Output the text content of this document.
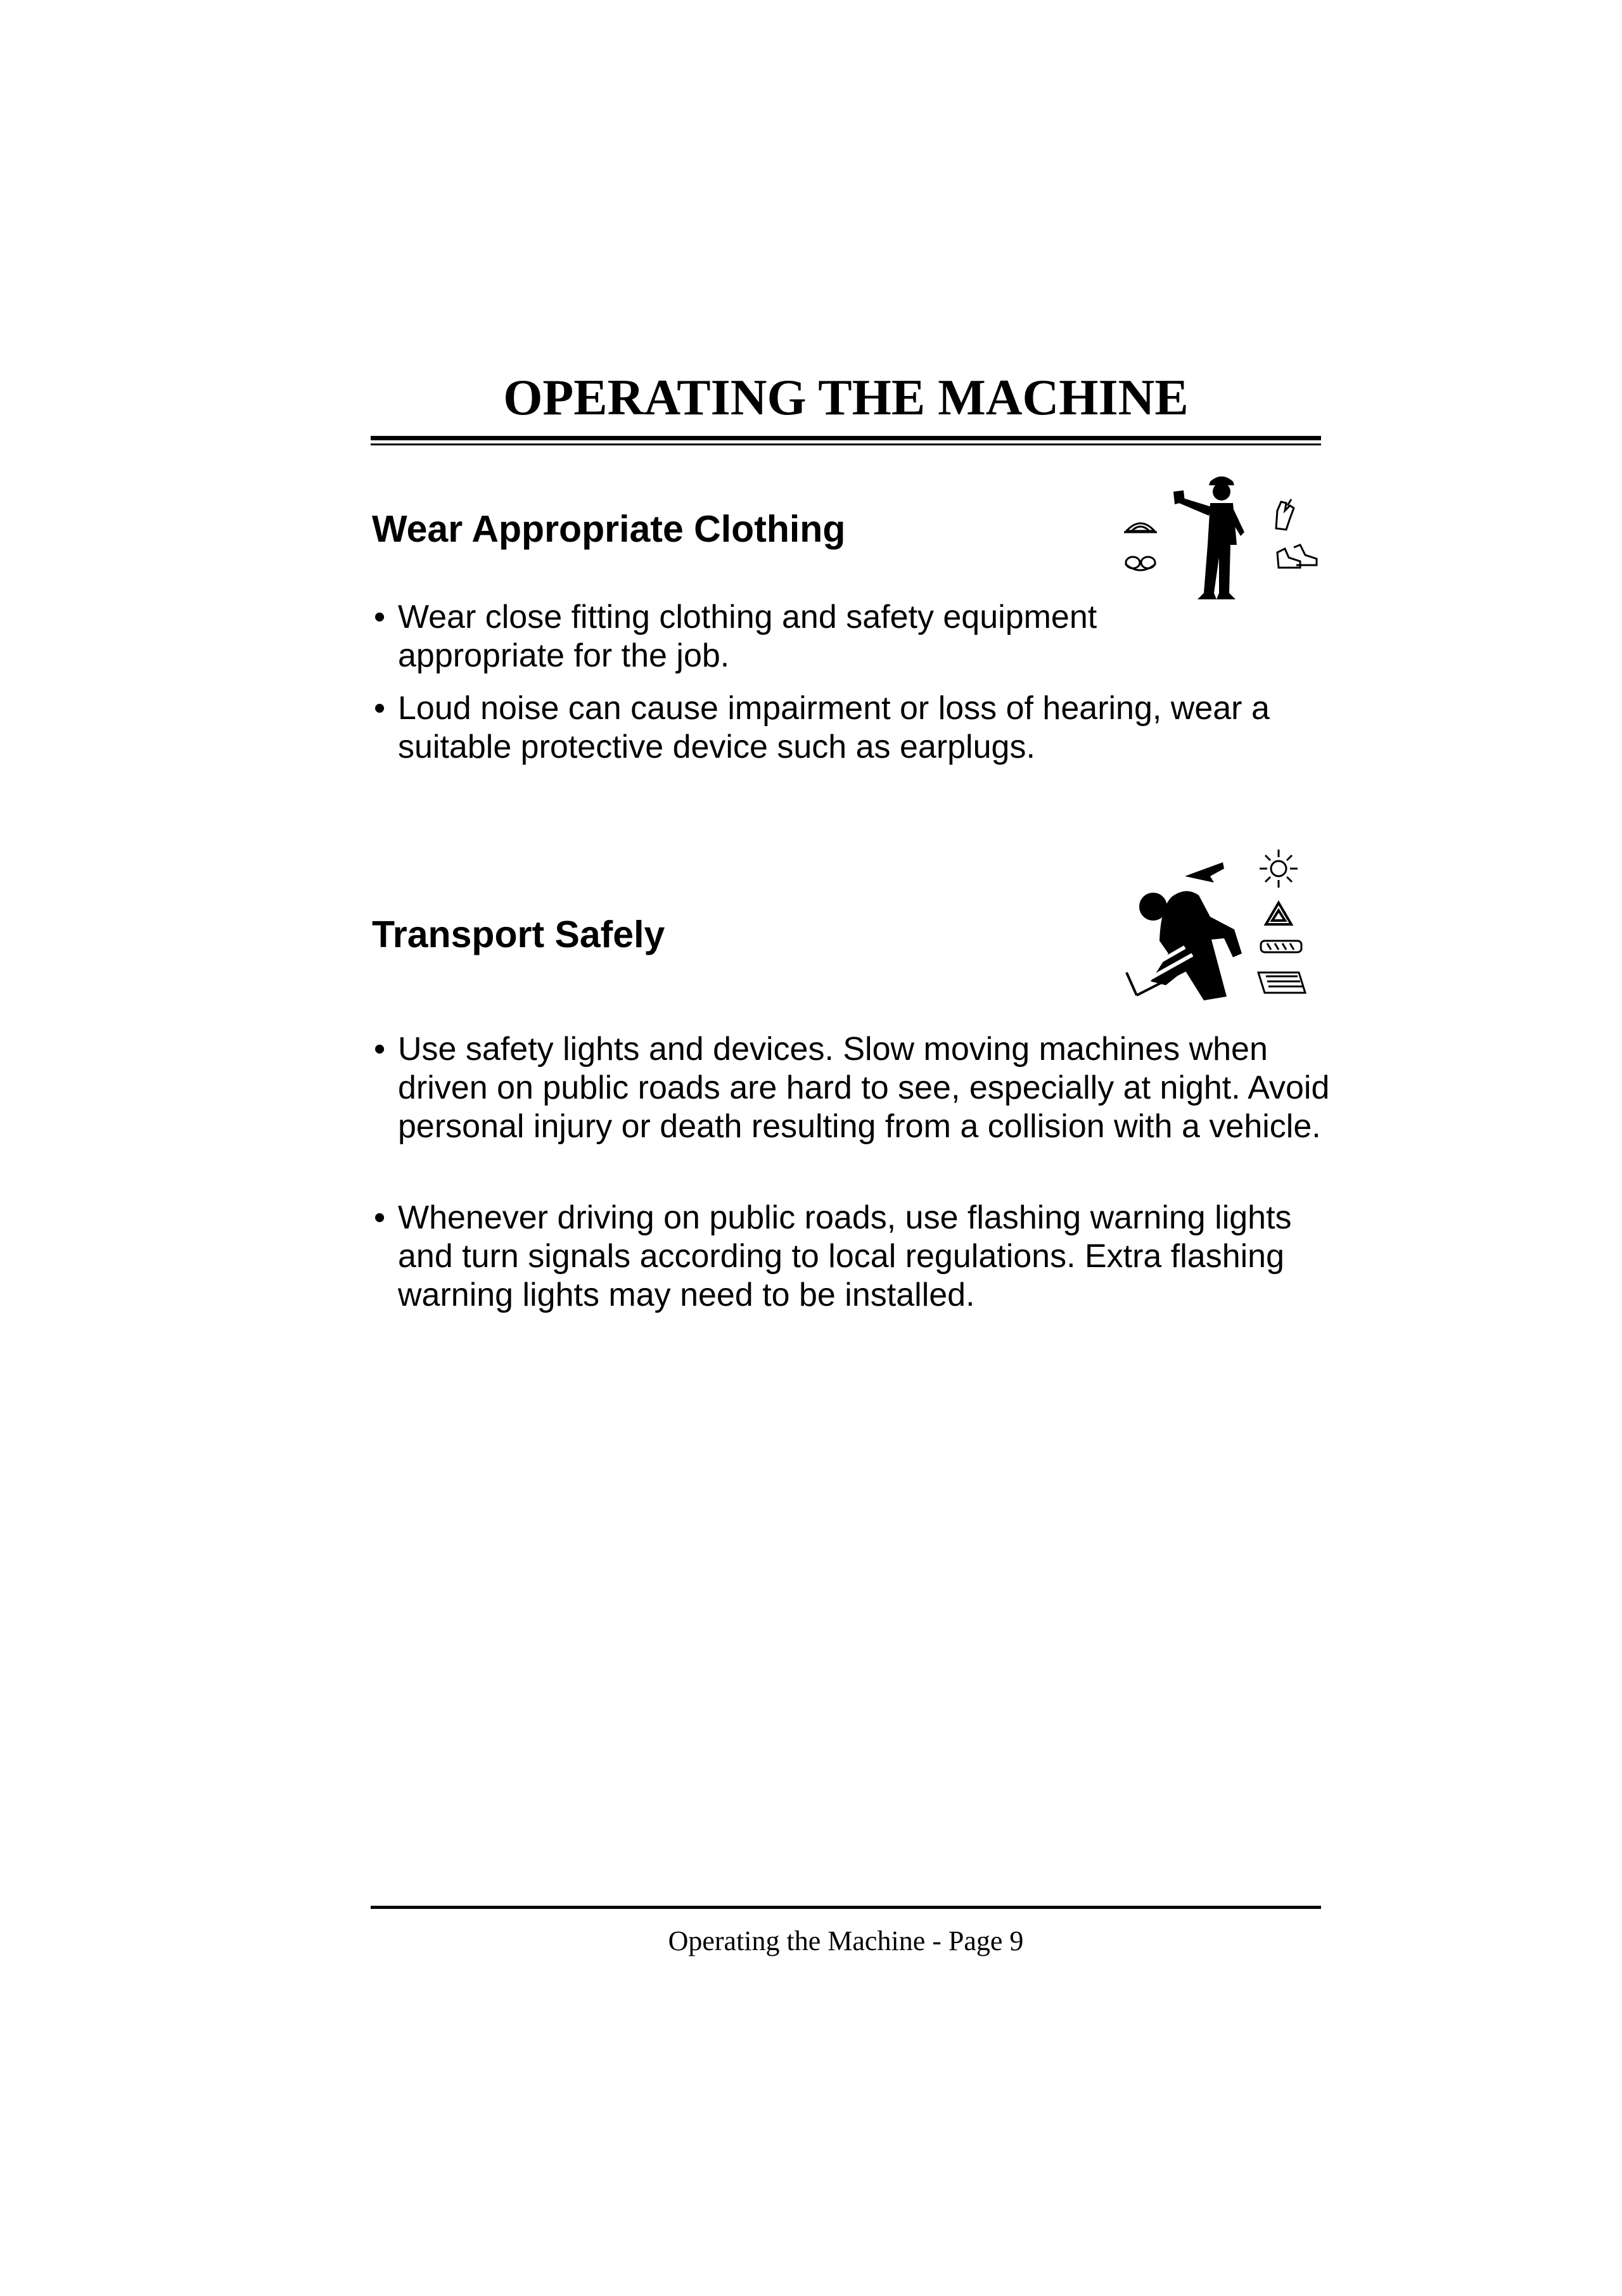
OPERATING THE MACHINE
Wear Appropriate Clothing

• Wear close fitting clothing and safety equipment appropriate for the job.

• Loud noise can cause impairment or loss of hearing, wear a suitable protective device such as earplugs.

Transport Safely

• Use safety lights and devices. Slow moving machines when driven on public roads are hard to see, especially at night. Avoid personal injury or death resulting from a collision with a vehicle.

• Whenever driving on public roads, use flashing warning lights and turn signals according to local regulations. Extra flashing warning lights may need to be installed.

Operating the Machine - Page 9
